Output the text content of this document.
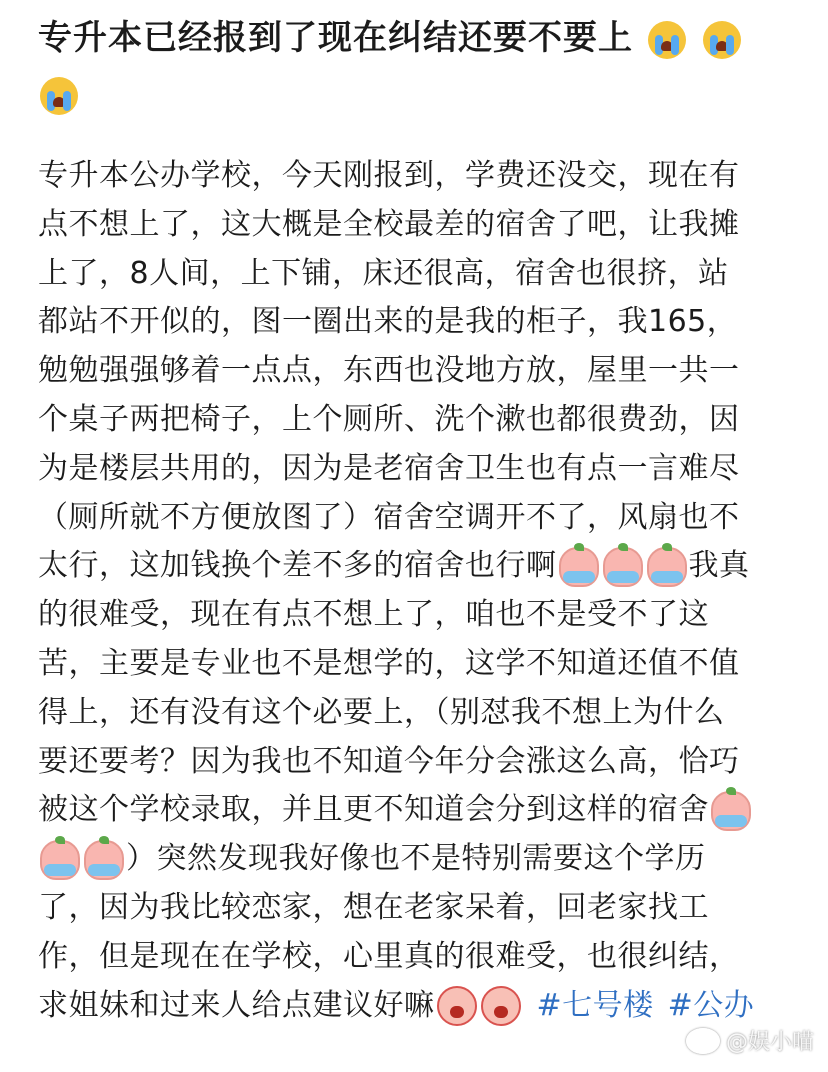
专升本已经报到了现在纠结还要不要上

专升本公办学校，今天刚报到，学费还没交，现在有
点不想上了，这大概是全校最差的宿舍了吧，让我摊
上了，8人间，上下铺，床还很高，宿舍也很挤，站
都站不开似的，图一圈出来的是我的柜子，我165，
勉勉强强够着一点点，东西也没地方放，屋里一共一
个桌子两把椅子，上个厕所、洗个漱也都很费劲，因
为是楼层共用的，因为是老宿舍卫生也有点一言难尽
（厕所就不方便放图了）宿舍空调开不了，风扇也不
太行，这加钱换个差不多的宿舍也行啊	我真
的很难受，现在有点不想上了，咱也不是受不了这
苦，主要是专业也不是想学的，这学不知道还值不值
得上，还有没有这个必要上，（别怼我不想上为什么
要还要考？因为我也不知道今年分会涨这么高，恰巧
被这个学校录取，并且更不知道会分到这样的宿舍
）突然发现我好像也不是特别需要这个学历
了，因为我比较恋家，想在老家呆着，回老家找工
作，但是现在在学校，心里真的很难受，也很纠结，
求姐妹和过来人给点建议好嘛	#七号楼 #公办
@娱小喵
